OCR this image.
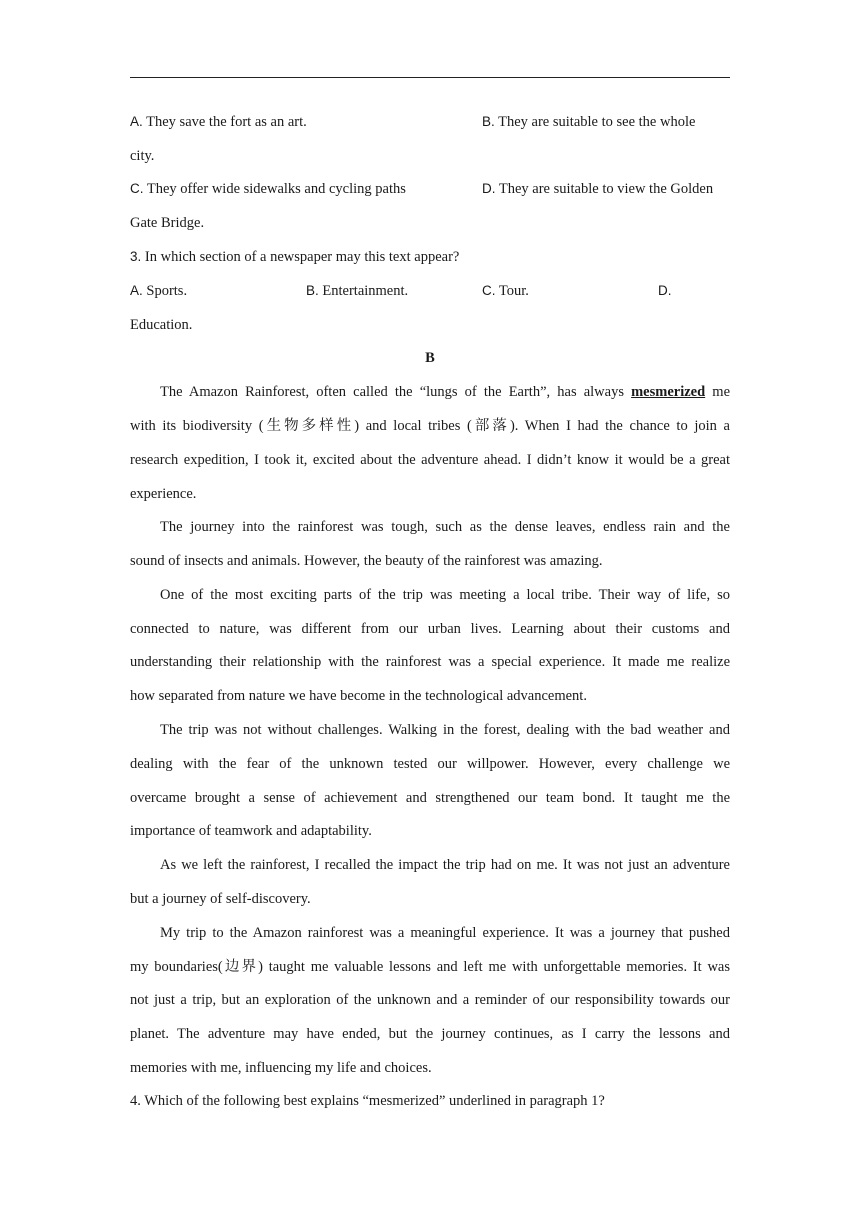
A. They save the fort as an art.	B. They are suitable to see the whole
city.
C. They offer wide sidewalks and cycling paths	D. They are suitable to view the Golden
Gate Bridge.
3. In which section of a newspaper may this text appear?
A. Sports.	B. Entertainment.	C. Tour.	D.
Education.
B
The Amazon Rainforest, often called the “lungs of the Earth”, has always mesmerized me
with its biodiversity (生物多样性) and local tribes (部落). When I had the chance to join a
research expedition, I took it, excited about the adventure ahead. I didn’t know it would be a great
experience.
The journey into the rainforest was tough, such as the dense leaves, endless rain and the
sound of insects and animals. However, the beauty of the rainforest was amazing.
One of the most exciting parts of the trip was meeting a local tribe. Their way of life, so
connected to nature, was different from our urban lives. Learning about their customs and
understanding their relationship with the rainforest was a special experience. It made me realize
how separated from nature we have become in the technological advancement.
The trip was not without challenges. Walking in the forest, dealing with the bad weather and
dealing with the fear of the unknown tested our willpower. However, every challenge we
overcame brought a sense of achievement and strengthened our team bond. It taught me the
importance of teamwork and adaptability.
As we left the rainforest, I recalled the impact the trip had on me. It was not just an adventure
but a journey of self-discovery.
My trip to the Amazon rainforest was a meaningful experience. It was a journey that pushed
my boundaries(边界) taught me valuable lessons and left me with unforgettable memories. It was
not just a trip, but an exploration of the unknown and a reminder of our responsibility towards our
planet. The adventure may have ended, but the journey continues, as I carry the lessons and
memories with me, influencing my life and choices.
4. Which of the following best explains “mesmerized” underlined in paragraph 1?
